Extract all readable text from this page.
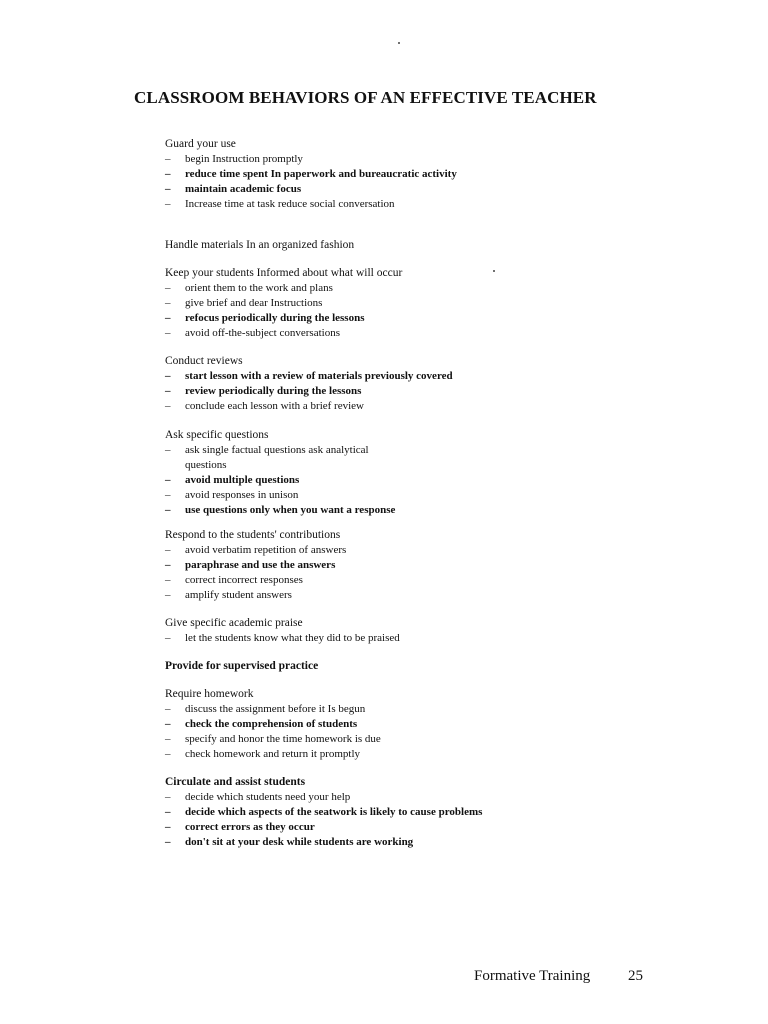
CLASSROOM BEHAVIORS OF AN EFFECTIVE TEACHER
Guard your use
–	begin Instruction promptly
–	reduce time spent In paperwork and bureaucratic activity
–	maintain academic focus
–	Increase time at task reduce social conversation
Handle materials In an organized fashion
Keep your students Informed about what will occur
–	orient them to the work and plans
–	give brief and dear Instructions
–	refocus periodically during the lessons
–	avoid off-the-subject conversations
Conduct reviews
–	start lesson with a review of materials previously covered
–	review periodically during the lessons
–	conclude each lesson with a brief review
Ask specific questions
–	ask single factual questions ask analytical questions
–	avoid multiple questions
–	avoid responses in unison
–	use questions only when you want a response
Respond to the students' contributions
–	avoid verbatim repetition of answers
–	paraphrase and use the answers
–	correct incorrect responses
–	amplify student answers
Give specific academic praise
–	let the students know what they did to be praised
Provide for supervised practice
Require homework
–	discuss the assignment before it Is begun
–	check the comprehension of students
–	specify and honor the time homework is due
–	check homework and return it promptly
Circulate and assist students
–	decide which students need your help
–	decide which aspects of the seatwork is likely to cause problems
–	correct errors as they occur
–	don't sit at your desk while students are working
Formative Training	25
